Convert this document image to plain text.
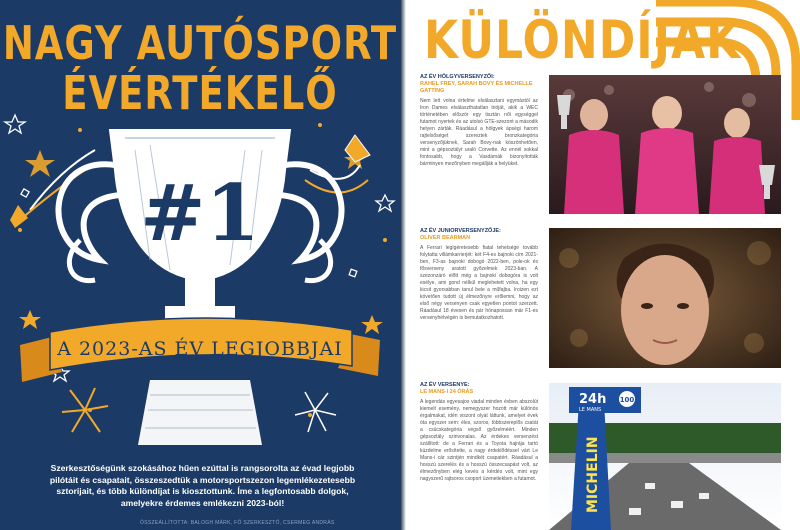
NAGY AUTÓSPORT
ÉVÉRTÉKELŐ
#1
A 2023-AS ÉV LEGJOBBJAI
Szerkesztőségünk szokásához hűen ezúttal is rangsorolta az évad legjobb pilótáit és csapatait, összeszedtük a motorsportszezon legemlékezetesebb sztorijait, és több különdíjat is kiosztottunk. Íme a legfontosabb dolgok, amelyekre érdemes emlékezni 2023-ból!
ÖSSZEÁLLÍTOTTA: BALOGH MÁRK, FŐ SZERKESZTŐ, CSERMEG ANDRÁS
KÜLÖNDÍJAK
AZ ÉV HÖLGYVERSENYZŐI:
RAHEL FREY, SARAH BOVY ÉS MICHELLE GATTING
Nem lett volna értelme elválasztani egymástól az Iron Dames elválaszthatatlan trióját, akik a WEC történetében először egy tisztán női egységgel futamot nyertek és az utolsó GTE-szezont a második helyen zárták. Ráadásul a hölgyek ápségi harom rajtelsőséget szereztek bronzkategória versenyzőjüknek, Sarah Bovy-nak köszönhetően, mint a gépsoztályt uraló Corvette. Az ennél sokkal fontosabb, hogy a Vasdámák bizonyították bárminyen mezőnyben megállják a helyüket.
AZ ÉV JUNIORVERSENYZŐJE:
OLIVER BEARMAN
A Ferrari legígéretesebb fiatal tehetsége tovább folytatta villámkarrierjét: két F4-es bajnoki cím 2021-ben, F3-as bajnoki dobogó 2022-ben, pole-ok és fősverseny aratott győzelmek 2023-ban. A szezonzáró előtt még a bajnoki dobogóra is volt esélye, ami gond nélkül meglehetett volna, ha egy kicsit gyorsabban tanul bele a műfajba. Iroizen ezt követően tudott új élmezőnyre erőlemni, hogy az első négy versenyen csak egyetlen pontot szerzett. Ráadásul 18 évesen és pár hónapossan már F1-es versenyhétvégén is bemutatkozhatott.
AZ ÉV VERSENYE:
LE MANS-I 24 ÓRÁS
A legendás egyesajos viadal minden évben abszolút kiemelt esemény, nemegyszer hozott már különös érgalmakat, idén viszont olyat láttunk, amelyet évek óta egyszer sem: éles, szoros, többszereplős csatát a csúcskategória végső győzelméért. Minden gépsoztály szinvonalas. Az érdekes versenzést szállított: de a Ferrari és a Toyota hajrája tartó küzdelme erősítette, a nagy érdeklődéssel várt Le Mans-i cár szintjén mindkét csapatért. Ráadásul a hosszú szerelés és a hosszú összecsapást volt, az élmezőnyben elég kevés a kérdés volt, mint egy nagyszerű rajtsoros csoport üzenetiekben a futamot.	MICHELIN
24h
LE MANS
100
